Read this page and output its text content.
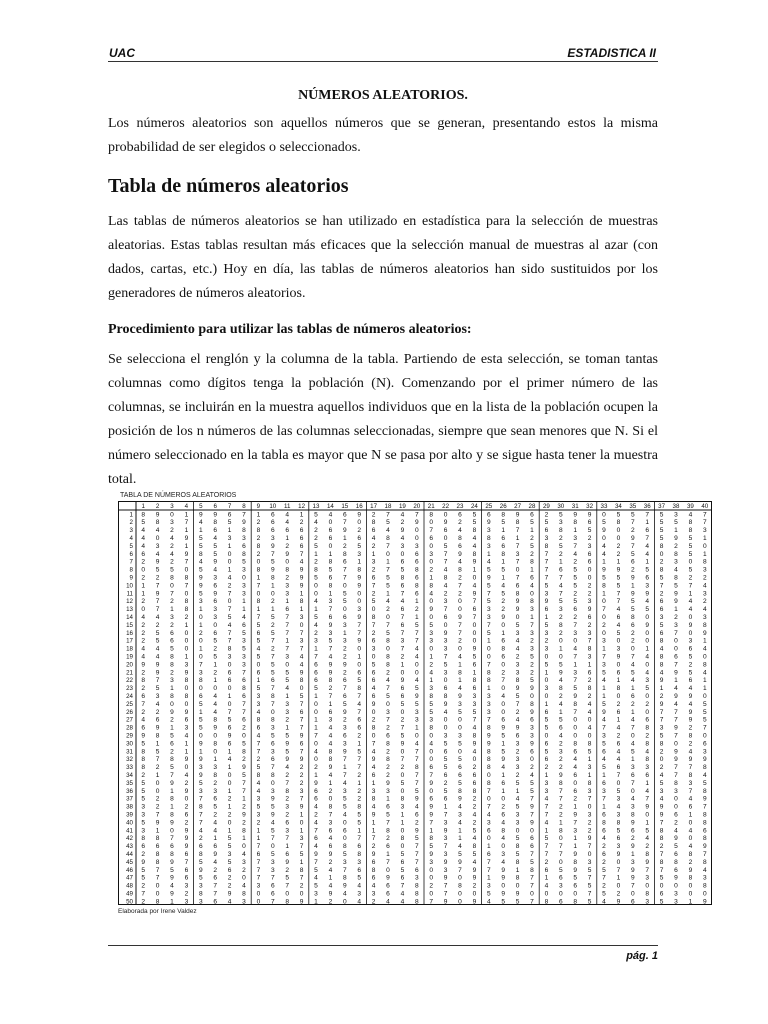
UAC	ESTADISTICA II

NÚMEROS ALEATORIOS.

Los números aleatorios son aquellos números que se generan, presentando estos la misma probabilidad de ser elegidos o seleccionados.

Tabla de números aleatorios

Las tablas de números aleatorios se han utilizado en estadística para la selección de muestras aleatorias. Estas tablas resultan más eficaces que la selección manual de muestras al azar (con dados, cartas, etc.) Hoy en día, las tablas de números aleatorios han sido sustituidos por los generadores de números aleatorios.

Procedimiento para utilizar las tablas de números aleatorios:

Se selecciona el renglón y la columna de la tabla. Partiendo de esta selección, se toman tantas columnas como dígitos tenga la población (N). Comenzando por el primer número de las columnas, se incluirán en la muestra aquellos individuos que en la lista de la población ocupen la posición de los n números de las columnas seleccionadas, siempre que sean menores que N. Si el número seleccionado en la tabla es mayor que N se pasa por alto y se sigue hasta tener la muestra total.

TABLA DE NÚMEROS ALEATORIOS
1 2 3 4 5 6 7 8 9 10 11 12 13 14 15 16 17 18 19 20 21 22 23 24 25 26 27 28 29 30 31 32 33 34 35 36 37 38 39 40
1 8 9 0 1 9 9 6 7 1 6 4 1 5 4 6 9 2 7 4 7 8 0 6 5 6 8 9 6 2 5 9 9 0 5 5 7 5 3 4 7
2 5 8 3 7 4 8 5 9 2 6 4 2 4 0 7 0 8 5 2 9 0 9 2 5 9 5 8 5 5 3 8 6 5 8 7 1 5 5 8 7
3 4 4 2 1 1 6 1 8 8 6 6 6 2 6 9 2 6 4 9 0 7 6 4 8 3 1 7 1 6 8 1 5 9 0 2 6 5 1 8 3
4 4 0 4 9 5 4 3 3 2 3 1 6 2 6 1 6 4 8 4 0 6 0 8 4 8 6 1 2 3 2 3 2 0 0 9 7 5 9 5 1
5 4 3 2 1 5 5 1 6 8 9 2 6 5 0 2 5 2 7 3 3 0 5 6 4 3 6 7 5 8 5 7 3 4 2 7 4 8 2 5 0
6 6 4 4 9 8 5 0 8 2 7 9 7 1 1 8 3 1 0 0 6 3 7 9 8 1 8 3 2 7 2 4 6 4 2 5 4 0 8 5 1
7 2 9 2 7 4 9 0 5 0 5 0 4 2 8 6 1 3 1 6 6 0 7 4 9 4 1 7 8 7 1 2 6 1 1 6 1 2 3 0 8
8 0 5 5 0 5 4 1 3 8 9 8 9 8 5 7 8 2 7 5 8 2 4 8 1 5 5 0 1 7 6 5 0 9 9 2 5 8 4 5 3
9 2 2 8 8 9 3 4 0 1 8 2 9 5 6 7 9 6 5 8 6 1 8 2 0 9 1 7 6 7 7 5 0 5 5 9 6 5 8 2 2
10 1 7 0 7 9 6 2 3 7 1 3 9 0 8 0 9 7 5 6 8 8 4 7 4 5 4 6 4 5 4 5 2 8 5 1 3 7 5 7 4
11 1 9 7 0 5 9 7 3 0 0 3 1 0 1 5 0 2 1 7 6 4 2 2 9 7 5 8 0 3 7 2 2 1 7 9 9 2 9 1 3
12 2 7 2 8 3 6 0 1 8 2 1 8 4 3 5 0 5 4 4 1 0 3 0 7 5 2 9 8 9 5 5 3 0 7 5 4 6 9 4 2
13 0 7 1 8 1 3 7 1 1 1 6 1 1 7 0 3 0 2 6 2 9 7 0 6 3 2 9 3 6 3 6 9 7 4 5 5 6 1 4 4
14 4 4 3 2 0 3 5 4 7 5 7 3 5 6 6 9 8 0 7 1 0 6 9 7 3 9 0 1 1 2 2 6 0 6 8 0 3 2 0 3
15 2 2 2 1 1 0 4 6 5 2 7 0 4 9 3 7 7 7 6 5 5 0 7 0 7 0 5 7 5 8 7 2 2 4 6 9 5 3 9 8
16 2 5 6 0 2 6 7 5 6 5 7 7 2 3 1 7 2 5 7 7 3 9 7 0 5 1 3 3 3 2 3 3 0 5 2 0 6 7 0 9
17 2 5 6 0 0 5 7 3 5 7 1 3 3 5 3 9 6 8 3 7 3 3 2 0 1 6 4 2 2 0 0 7 3 0 2 0 8 0 3 1
18 4 4 5 0 1 2 8 5 4 2 7 7 1 7 2 0 3 0 7 4 0 3 0 9 0 8 4 3 3 1 4 8 1 3 0 1 4 0 6 4
19 4 4 8 1 0 5 3 3 5 7 3 4 7 4 2 1 0 8 2 4 1 7 4 5 0 6 2 5 0 0 7 3 7 9 7 4 8 6 5 0
20 9 9 8 3 7 1 0 3 0 5 0 4 6 9 9 0 5 8 1 0 2 5 1 6 7 0 3 2 5 5 1 1 3 0 4 0 8 7 2 8
21 2 9 2 9 3 2 6 7 6 5 5 9 6 9 2 6 6 2 0 0 4 3 8 1 8 2 3 2 1 9 3 6 5 6 5 4 4 9 5 4
22 8 7 3 8 8 1 6 6 1 6 5 8 6 8 6 5 6 4 9 4 1 0 1 8 8 7 8 5 0 4 7 2 4 1 4 3 9 1 6 1
23 2 5 1 0 0 0 0 8 5 7 4 0 5 2 7 8 4 7 6 5 3 6 4 6 1 0 9 9 3 8 5 8 1 8 1 5 1 4 4 1
24 6 3 8 8 6 4 1 6 3 8 1 5 1 7 6 7 6 5 6 9 8 8 9 3 3 4 5 0 0 2 9 2 1 0 6 0 2 9 9 0
25 7 4 0 0 5 4 0 7 3 7 3 7 0 1 5 4 9 0 5 5 5 9 3 3 3 0 7 8 1 4 8 4 5 2 2 2 9 4 4 5
26 2 2 9 9 1 4 7 7 4 0 3 6 0 6 9 7 0 3 0 3 5 4 5 5 3 0 2 9 6 1 7 4 9 6 1 0 7 7 9 5
27 4 6 2 6 5 8 5 6 8 8 2 7 1 3 2 6 2 7 2 3 3 0 0 7 7 6 4 6 5 5 0 0 4 1 4 6 7 7 9 5
28 6 9 1 3 5 9 6 2 6 3 1 7 1 4 3 6 8 2 7 1 8 0 0 4 8 9 9 3 5 6 0 4 7 4 7 8 3 9 2 7
29 9 8 5 4 0 0 9 0 4 5 5 9 7 4 6 2 0 6 5 0 0 3 3 8 9 5 6 3 0 4 0 0 3 2 0 2 5 7 8 0
30 5 1 6 1 9 8 6 5 7 6 9 6 0 4 3 1 7 8 9 4 4 5 5 9 9 1 3 9 6 2 8 8 5 6 4 8 8 0 2 6
31 8 5 2 1 1 0 1 8 7 3 5 7 4 8 9 5 4 2 0 7 0 6 0 4 8 5 2 6 5 3 6 5 6 4 5 4 2 9 4 3
32 8 7 8 9 9 1 4 2 2 6 9 9 0 8 7 7 9 8 7 7 0 5 5 0 8 9 3 0 6 2 4 1 4 4 1 8 0 9 9 9
33 8 2 5 0 3 3 1 9 5 7 4 2 2 9 1 7 4 2 2 8 6 5 6 2 8 4 3 2 2 2 4 3 5 6 3 3 2 7 7 8
34 2 1 7 4 9 8 0 5 8 8 2 2 1 4 7 2 6 2 0 7 7 6 6 6 0 1 2 4 1 9 6 1 1 7 6 6 4 7 8 4
35 5 0 9 2 5 2 0 7 4 0 7 2 9 1 4 1 1 9 5 7 9 2 5 6 8 6 5 5 3 8 0 8 6 0 7 1 5 8 3 5
36 5 0 1 9 3 3 1 7 4 3 8 3 6 2 3 2 3 3 0 5 0 5 8 8 7 1 1 5 3 7 6 3 3 5 0 4 3 3 7 8
37 5 2 8 0 7 6 2 1 3 9 2 7 6 0 5 2 8 1 8 9 6 6 9 2 0 0 4 7 4 7 2 7 7 3 4 7 4 0 4 9
38 3 2 1 2 8 5 1 2 5 5 3 9 4 8 5 8 4 6 3 4 9 1 4 2 7 2 5 9 7 2 1 0 1 4 3 9 9 0 6 7
39 3 7 8 6 7 2 2 9 3 9 2 1 2 7 4 5 9 5 1 6 9 7 3 4 4 6 3 7 7 2 9 3 6 3 8 0 9 6 1 8
40 5 9 9 2 7 4 0 2 2 4 6 0 4 3 0 5 1 7 1 2 7 3 4 2 3 4 3 9 4 1 7 2 8 8 9 1 7 2 0 8
41 3 1 0 9 4 4 1 8 1 5 3 1 7 6 6 1 1 8 0 9 1 9 1 5 6 8 0 0 1 8 3 2 6 5 6 5 8 4 4 6
42 8 8 7 9 2 1 5 1 1 7 7 3 6 4 0 7 7 2 8 5 8 3 1 4 0 4 5 6 5 0 1 9 4 6 2 4 8 9 0 8
43 6 6 6 9 6 6 5 0 7 0 1 7 4 6 8 6 2 6 0 7 5 7 4 8 1 0 8 6 7 7 1 7 2 3 9 2 2 5 4 9
44 2 8 8 6 8 9 3 4 6 5 6 5 9 9 5 8 9 1 5 7 9 3 5 5 6 3 5 7 7 7 9 0 6 9 1 8 7 6 8 7
45 9 8 9 7 5 4 5 3 7 3 9 1 7 2 3 3 6 7 6 7 3 9 9 4 7 4 8 5 2 0 8 3 2 0 3 9 8 8 2 8
46 5 7 5 6 9 2 6 2 7 3 2 8 5 4 7 6 8 0 5 6 0 3 7 9 7 9 1 8 6 5 9 5 5 7 9 7 7 6 9 4
47 5 7 9 6 5 6 2 0 7 7 5 7 4 1 8 5 6 9 6 3 0 9 0 9 1 9 8 7 1 6 5 7 7 1 9 3 5 9 8 3
48 2 0 4 3 3 7 2 4 3 6 7 2 5 4 9 4 4 6 7 8 2 7 8 2 3 0 0 7 4 3 6 5 2 0 7 0 0 0 0 8
49 7 0 9 2 8 7 9 8 0 6 0 0 3 9 4 3 3 6 4 8 0 7 0 0 5 9 9 0 0 0 0 7 5 2 0 8 6 3 0 0
50 2 8 1 3 3 6 4 3 0 7 8 9 1 2 0 4 2 4 4 8 7 9 0 9 4 5 5 7 8 6 8 5 4 9 6 3 5 3 1 9
Elaborada por Irene Valdez
pág. 1
